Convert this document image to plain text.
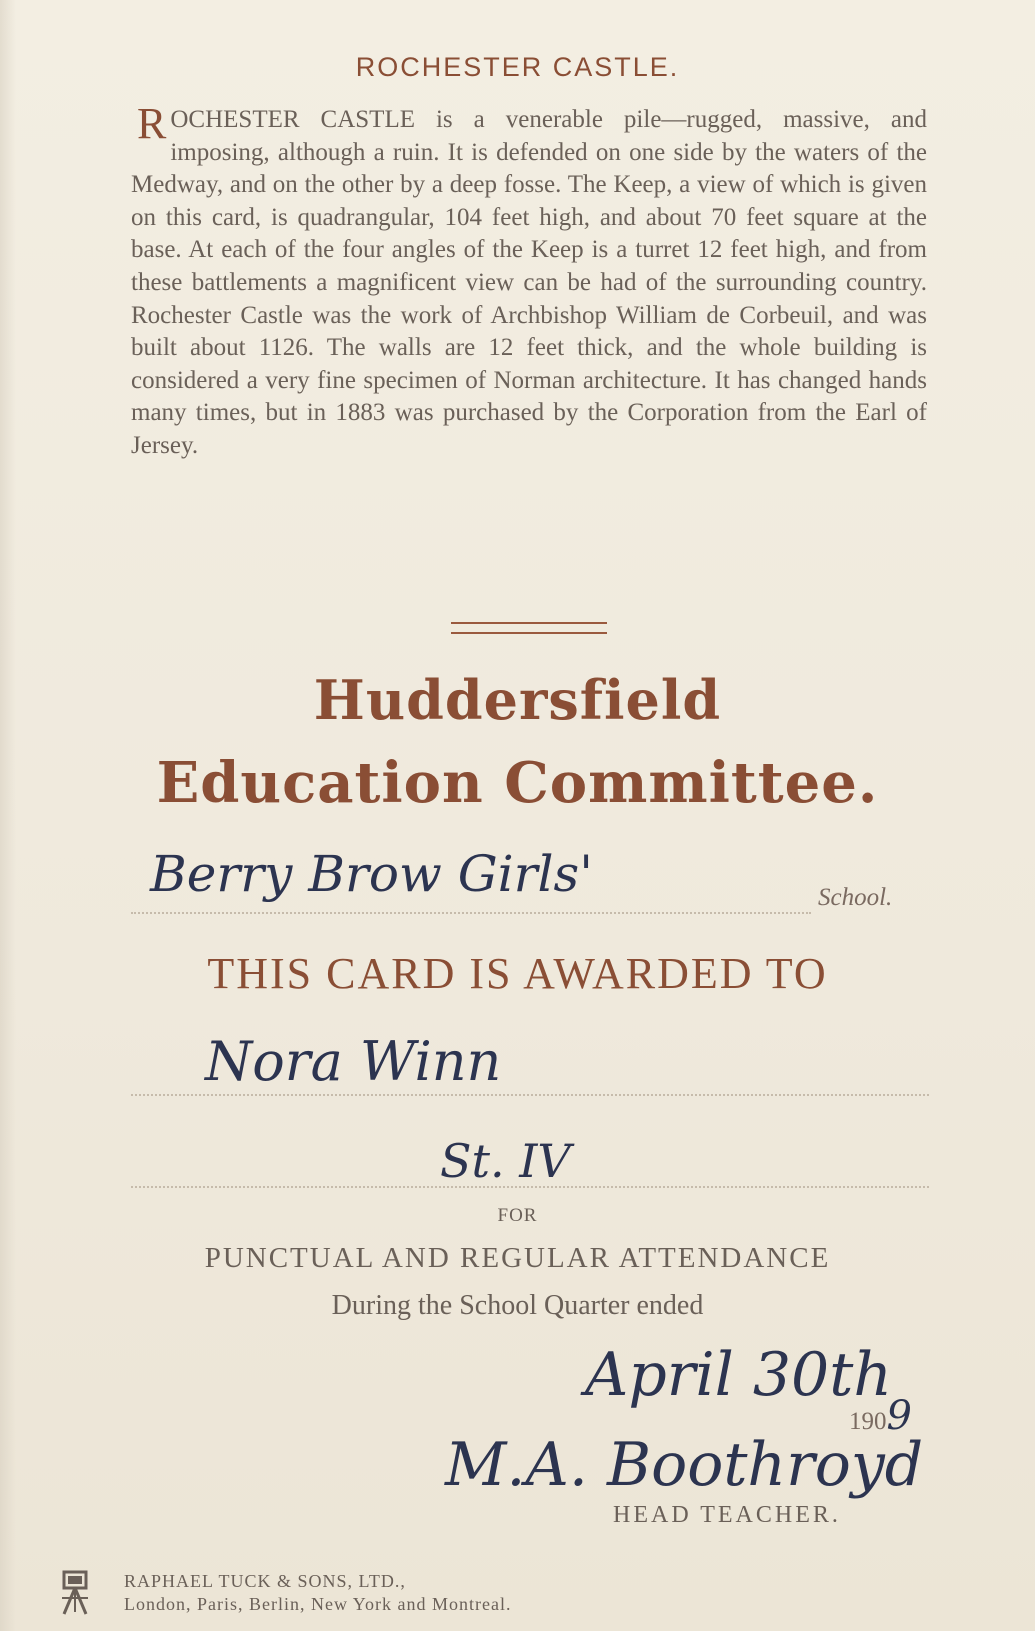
ROCHESTER CASTLE.
ROCHESTER CASTLE is a venerable pile—rugged, massive, and imposing, although a ruin. It is defended on one side by the waters of the Medway, and on the other by a deep fosse. The Keep, a view of which is given on this card, is quadrangular, 104 feet high, and about 70 feet square at the base. At each of the four angles of the Keep is a turret 12 feet high, and from these battlements a magnificent view can be had of the surrounding country. Rochester Castle was the work of Archbishop William de Corbeuil, and was built about 1126. The walls are 12 feet thick, and the whole building is considered a very fine specimen of Norman architecture. It has changed hands many times, but in 1883 was purchased by the Corporation from the Earl of Jersey.
Huddersfield
Education Committee.
Berry Brow Girls'	School.
THIS CARD IS AWARDED TO
Nora Winn
St. IV
FOR
PUNCTUAL AND REGULAR ATTENDANCE
During the School Quarter ended
April 30th
1909
M.A. Boothroyd
HEAD TEACHER.
RAPHAEL TUCK & SONS, LTD.,
London, Paris, Berlin, New York and Montreal.
